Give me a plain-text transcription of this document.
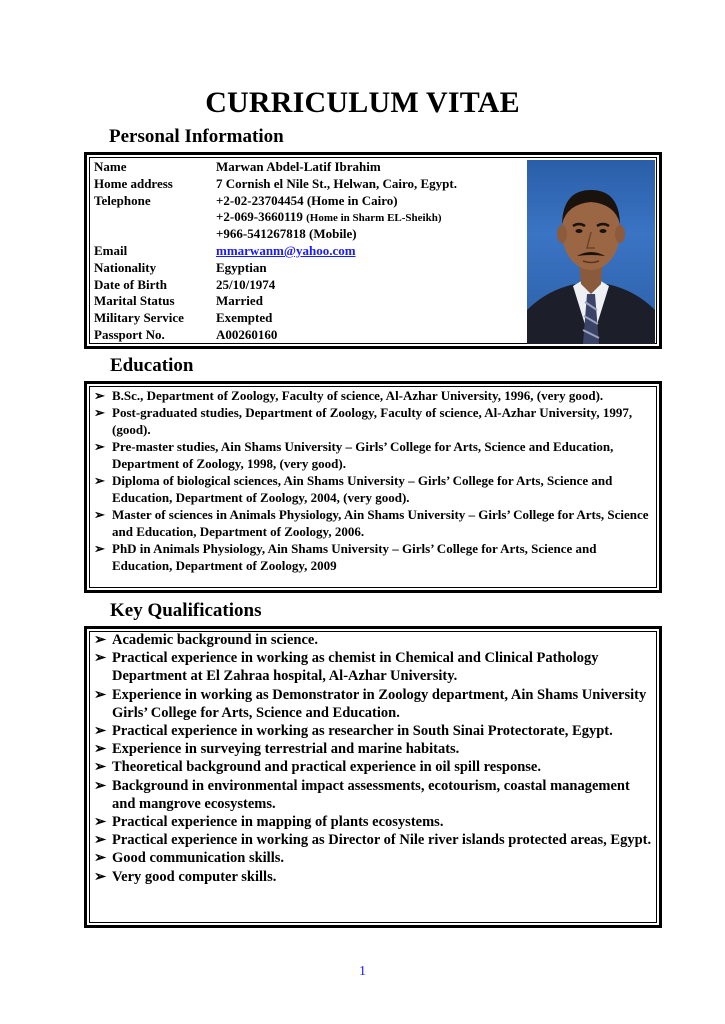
CURRICULUM VITAE
Personal Information
Name	Marwan Abdel-Latif Ibrahim
Home address	7 Cornish el Nile St., Helwan, Cairo, Egypt.
Telephone	+2-02-23704454 (Home in Cairo)
+2-069-3660119 (Home in Sharm EL-Sheikh)
+966-541267818 (Mobile)
Email	mmarwanm@yahoo.com
Nationality	Egyptian
Date of Birth	25/10/1974
Marital Status	Married
Military Service Exempted
Passport No.	A00260160
Education
➢ B.Sc., Department of Zoology, Faculty of science, Al-Azhar University, 1996, (very good).
➢ Post-graduated studies, Department of Zoology, Faculty of science, Al-Azhar University, 1997, (good).
➢ Pre-master studies, Ain Shams University – Girls’ College for Arts, Science and Education, Department of Zoology, 1998, (very good).
➢ Diploma of biological sciences, Ain Shams University – Girls’ College for Arts, Science and Education, Department of Zoology, 2004, (very good).
➢ Master of sciences in Animals Physiology, Ain Shams University – Girls’ College for Arts, Science and Education, Department of Zoology, 2006.
➢ PhD in Animals Physiology, Ain Shams University – Girls’ College for Arts, Science and Education, Department of Zoology, 2009
Key Qualifications
➢ Academic background in science.
➢ Practical experience in working as chemist in Chemical and Clinical Pathology Department at El Zahraa hospital, Al-Azhar University.
➢ Experience in working as Demonstrator in Zoology department, Ain Shams University Girls’ College for Arts, Science and Education.
➢ Practical experience in working as researcher in South Sinai Protectorate, Egypt.
➢ Experience in surveying terrestrial and marine habitats.
➢ Theoretical background and practical experience in oil spill response.
➢ Background in environmental impact assessments, ecotourism, coastal management and mangrove ecosystems.
➢ Practical experience in mapping of plants ecosystems.
➢ Practical experience in working as Director of Nile river islands protected areas, Egypt.
➢ Good communication skills.
➢ Very good computer skills.
1
